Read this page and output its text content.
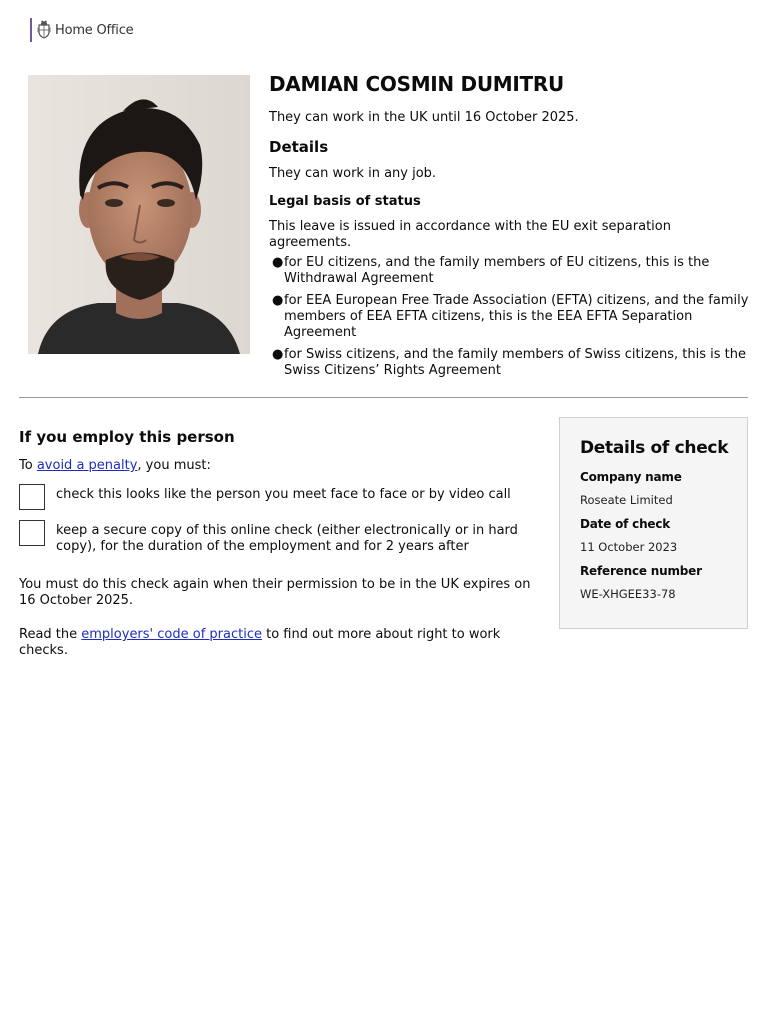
Home Office
DAMIAN COSMIN DUMITRU

They can work in the UK until 16 October 2025.

Details

They can work in any job.

Legal basis of status

This leave is issued in accordance with the EU exit separation agreements.

● for EU citizens, and the family members of EU citizens, this is the Withdrawal Agreement
● for EEA European Free Trade Association (EFTA) citizens, and the family members of EEA EFTA citizens, this is the EEA EFTA Separation Agreement
● for Swiss citizens, and the family members of Swiss citizens, this is the Swiss Citizens’ Rights Agreement
If you employ this person

To avoid a penalty, you must:

check this looks like the person you meet face to face or by video call
keep a secure copy of this online check (either electronically or in hard copy), for the duration of the employment and for 2 years after

You must do this check again when their permission to be in the UK expires on 16 October 2025.

Read the employers' code of practice to find out more about right to work checks.

Details of check
Company name
Roseate Limited
Date of check
11 October 2023
Reference number
WE-XHGEE33-78
